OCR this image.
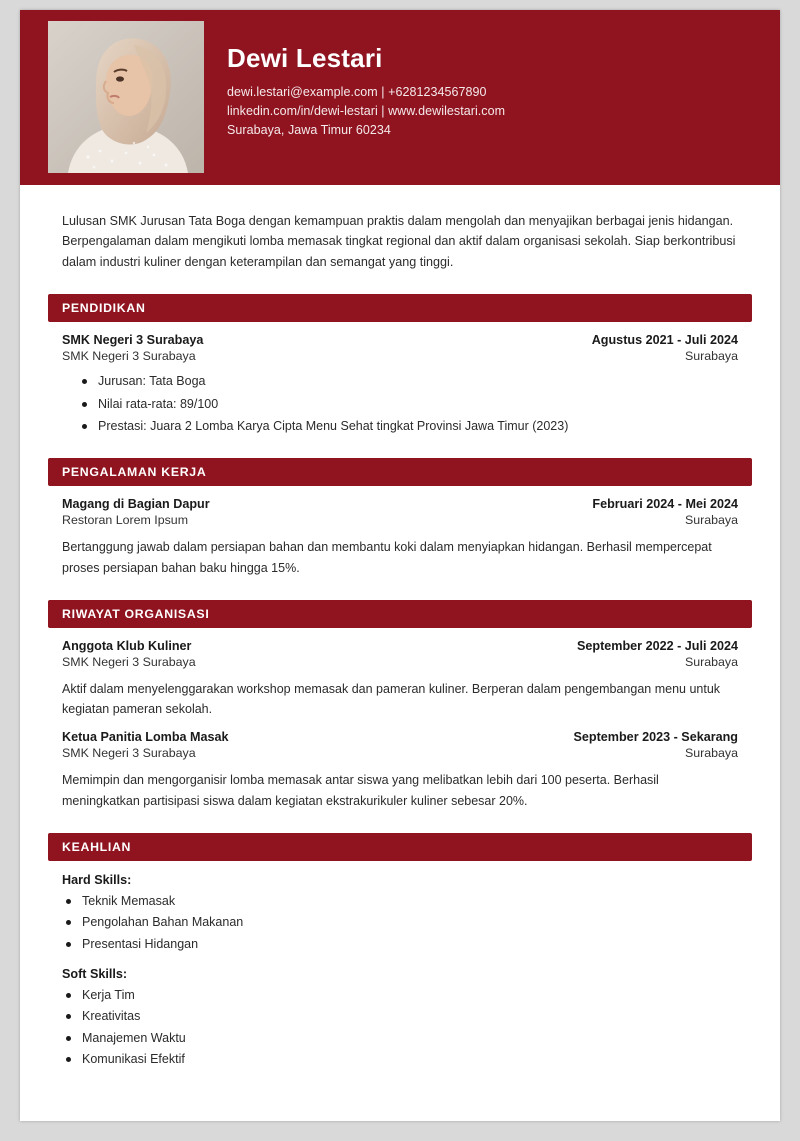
Dewi Lestari
dewi.lestari@example.com | +6281234567890
linkedin.com/in/dewi-lestari | www.dewilestari.com
Surabaya, Jawa Timur 60234
Lulusan SMK Jurusan Tata Boga dengan kemampuan praktis dalam mengolah dan menyajikan berbagai jenis hidangan. Berpengalaman dalam mengikuti lomba memasak tingkat regional dan aktif dalam organisasi sekolah. Siap berkontribusi dalam industri kuliner dengan keterampilan dan semangat yang tinggi.
PENDIDIKAN
SMK Negeri 3 Surabaya	Agustus 2021 - Juli 2024
SMK Negeri 3 Surabaya	Surabaya
Jurusan: Tata Boga
Nilai rata-rata: 89/100
Prestasi: Juara 2 Lomba Karya Cipta Menu Sehat tingkat Provinsi Jawa Timur (2023)
PENGALAMAN KERJA
Magang di Bagian Dapur	Februari 2024 - Mei 2024
Restoran Lorem Ipsum	Surabaya
Bertanggung jawab dalam persiapan bahan dan membantu koki dalam menyiapkan hidangan. Berhasil mempercepat proses persiapan bahan baku hingga 15%.
RIWAYAT ORGANISASI
Anggota Klub Kuliner	September 2022 - Juli 2024
SMK Negeri 3 Surabaya	Surabaya
Aktif dalam menyelenggarakan workshop memasak dan pameran kuliner. Berperan dalam pengembangan menu untuk kegiatan pameran sekolah.
Ketua Panitia Lomba Masak	September 2023 - Sekarang
SMK Negeri 3 Surabaya	Surabaya
Memimpin dan mengorganisir lomba memasak antar siswa yang melibatkan lebih dari 100 peserta. Berhasil meningkatkan partisipasi siswa dalam kegiatan ekstrakurikuler kuliner sebesar 20%.
KEAHLIAN
Hard Skills:
Teknik Memasak
Pengolahan Bahan Makanan
Presentasi Hidangan
Soft Skills:
Kerja Tim
Kreativitas
Manajemen Waktu
Komunikasi Efektif
